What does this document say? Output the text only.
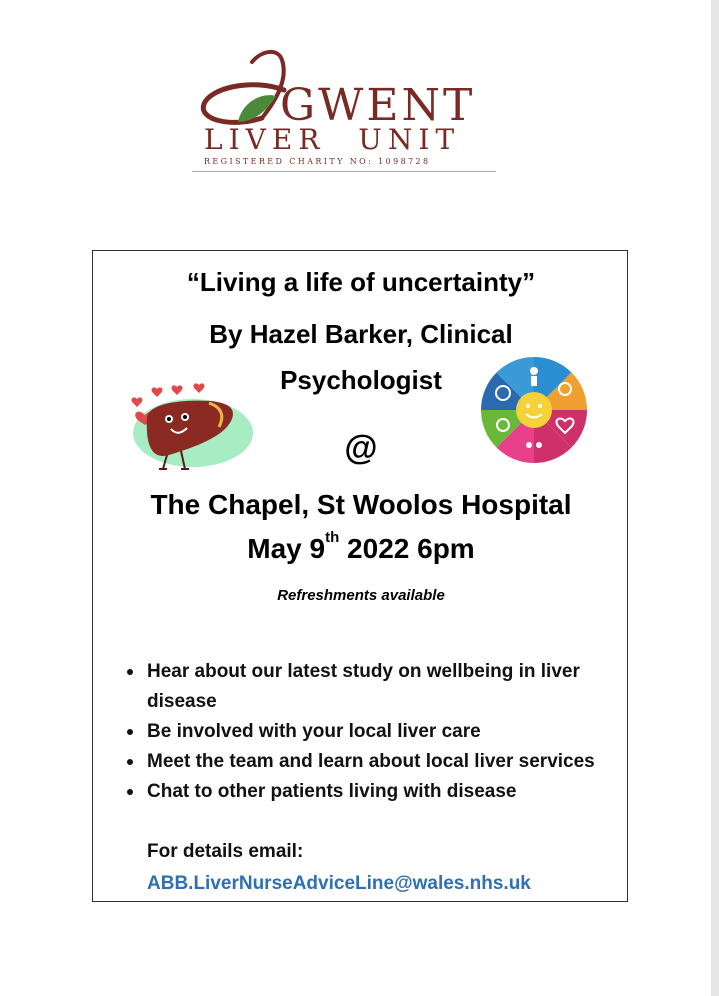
GWENT
LIVER UNIT
REGISTERED CHARITY NO: 1098728
“Living a life of uncertainty”
By Hazel Barker, Clinical
Psychologist
@
The Chapel, St Woolos Hospital
May 9th 2022 6pm
Refreshments available
Hear about our latest study on wellbeing in liver disease
Be involved with your local liver care
Meet the team and learn about local liver services
Chat to other patients living with disease
For details email:
ABB.LiverNurseAdviceLine@wales.nhs.uk
